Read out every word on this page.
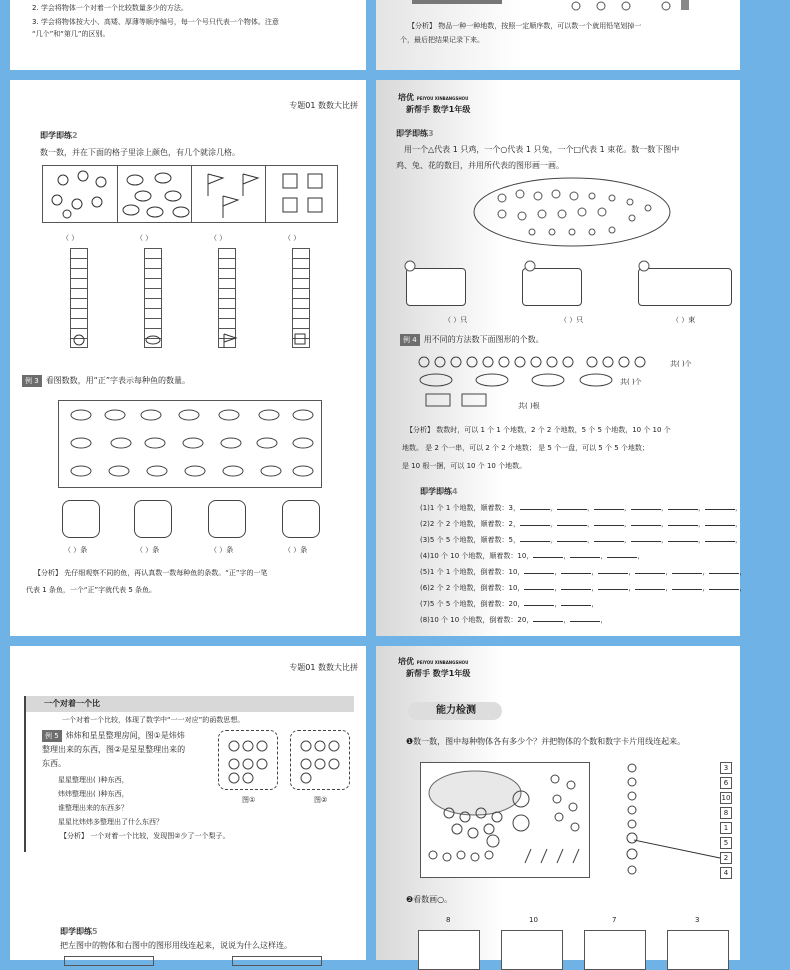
2. 学会将物体一个对着一个比较数量多少的方法。
3. 学会将物体按大小、高矮、厚薄等顺序编号，每一个号只代表一个物体。注意
“几个”和“第几”的区别。
【分析】 物品一种一种地数，按照一定顺序数，可以数一个就用铅笔划掉一
个，最后把结果记录下来。
专题01 数数大比拼
即学即练2
数一数，并在下面的格子里涂上颜色，有几个就涂几格。
（ ）	（ ）	（ ）	（ ）
例 3 看图数数，用“正”字表示每种鱼的数量。
（ ）条	（ ）条	（ ）条	（ ）条
【分析】 先仔细观察不同的鱼，再认真数一数每种鱼的条数。“正”字的一笔
代表 1 条鱼，一个“正”字就代表 5 条鱼。
培优 PEIYOU XINBANGSHOU
新帮手 数学1年级
即学即练3
用一个△代表 1 只鸡，一个○代表 1 只兔，一个□代表 1 束花。数一数下图中
鸡、兔、花的数目，并用所代表的图形画一画。
（ ）只	（ ）只	（ ）束
例 4 用不同的方法数下面图形的个数。
共( )个
共( )个
共( )根
【分析】 数数时，可以 1 个 1 个地数，2 个 2 个地数，5 个 5 个地数，10 个 10 个
地数。 是 2 个一串，可以 2 个 2 个地数； 是 5 个一盘，可以 5 个 5 个地数；
是 10 根一捆，可以 10 个 10 个地数。
即学即练4
(1)1 个 1 个地数，顺着数：3，	，	，	，	，	，	，
(2)2 个 2 个地数，顺着数：2，	，	，	，	，	，	，
(3)5 个 5 个地数，顺着数：5，	，	，	，	，	，	，
(4)10 个 10 个地数，顺着数：10，	，	，	，
(5)1 个 1 个地数，倒着数：10，	，	，	，	，	，	，
(6)2 个 2 个地数，倒着数：10，	，	，	，	，	，	，
(7)5 个 5 个地数，倒着数：20，	，	，
(8)10 个 10 个地数，倒着数：20，	，	，
专题01 数数大比拼
一个对着一个比
一个对着一个比较，体现了数学中“一一对应”的函数思想。
例 5 炜炜和星星整理房间，图①是炜炜
整理出来的东西，图②是星星整理出来的
东西。
星星整理出( )种东西，
炜炜整理出( )种东西，
谁整理出来的东西多？
星星比炜炜多整理出了什么东西？
图①	图②
【分析】 一个对着一个比较，发现图②少了一个梨子。
即学即练5
把左图中的物体和右图中的图形用线连起来，说说为什么这样连。
培优 PEIYOU XINBANGSHOU
新帮手 数学1年级
能力检测
❶数一数，图中每种物体各有多少个？并把物体的个数和数字卡片用线连起来。
3
6
10
8
1
5
2
4
❷看数画○。
8	10	7	3
